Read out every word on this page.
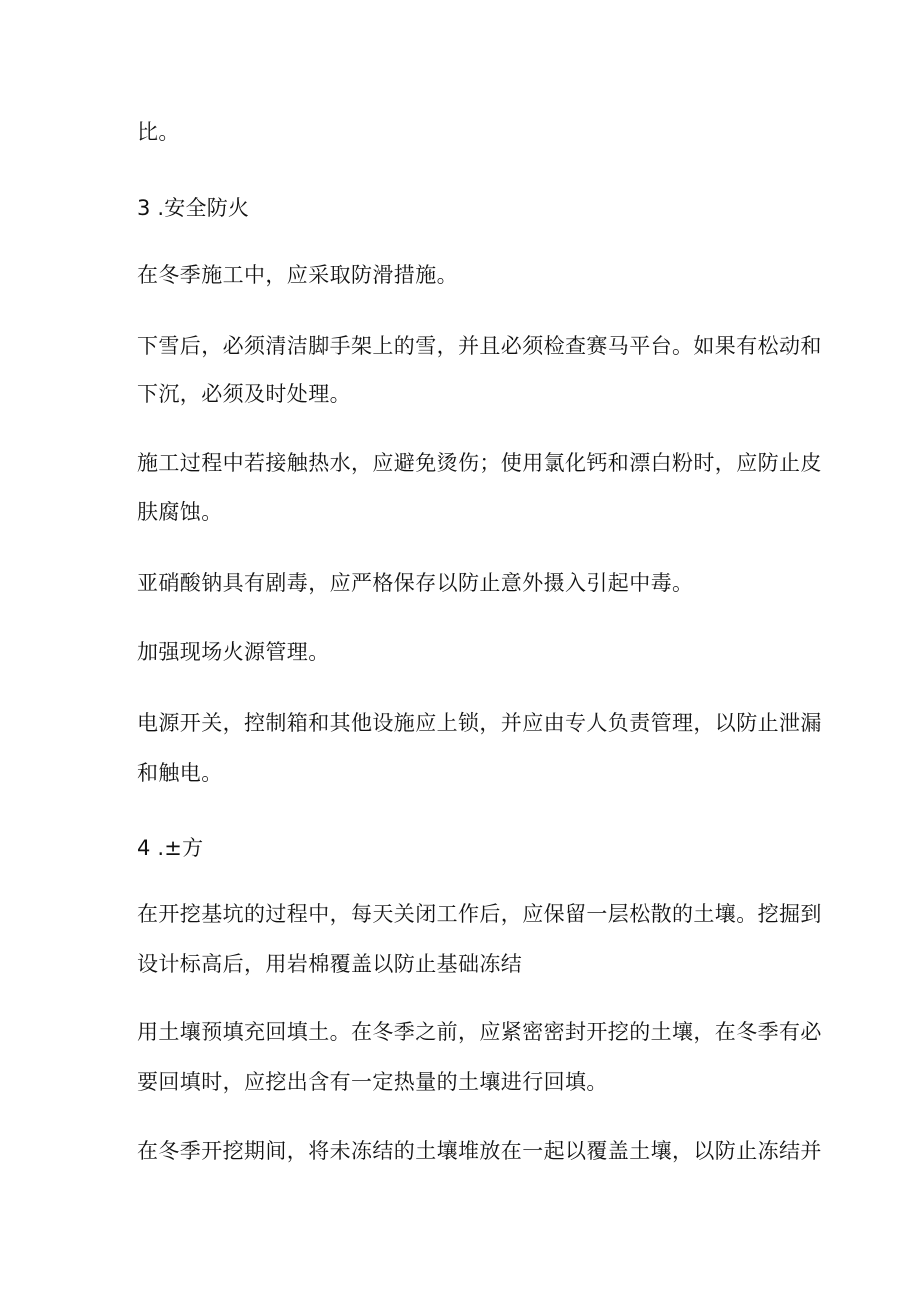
比。
3 .安全防火
在冬季施工中，应采取防滑措施。
下雪后，必须清洁脚手架上的雪，并且必须检查赛马平台。如果有松动和
下沉，必须及时处理。
施工过程中若接触热水，应避免烫伤；使用氯化钙和漂白粉时，应防止皮
肤腐蚀。
亚硝酸钠具有剧毒，应严格保存以防止意外摄入引起中毒。
加强现场火源管理。
电源开关，控制箱和其他设施应上锁，并应由专人负责管理，以防止泄漏
和触电。
4 .±方
在开挖基坑的过程中，每天关闭工作后，应保留一层松散的土壤。挖掘到
设计标高后，用岩棉覆盖以防止基础冻结
用土壤预填充回填土。在冬季之前，应紧密密封开挖的土壤，在冬季有必
要回填时，应挖出含有一定热量的土壤进行回填。
在冬季开挖期间，将未冻结的土壤堆放在一起以覆盖土壤，以防止冻结并
